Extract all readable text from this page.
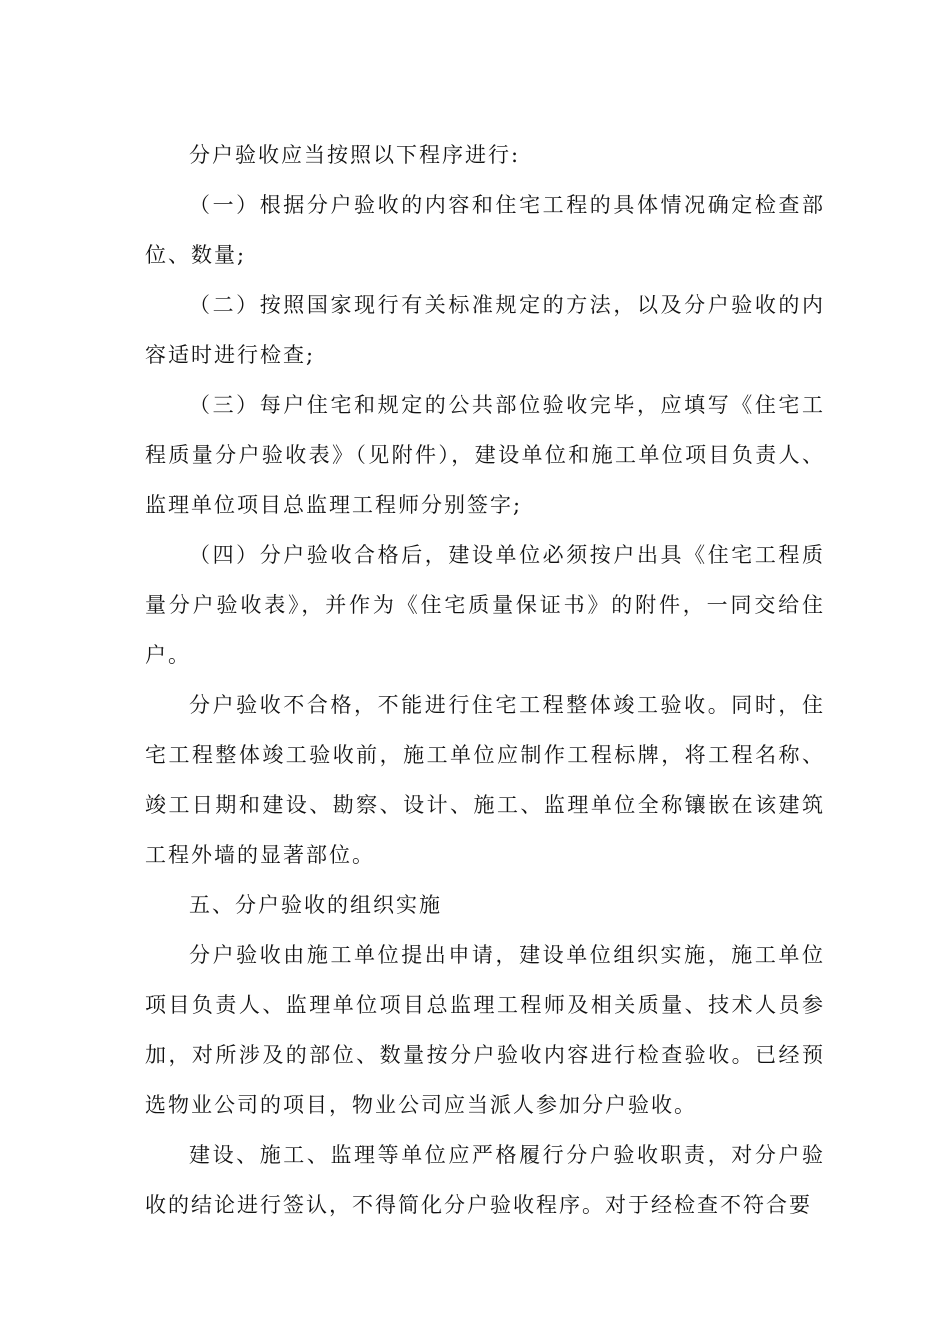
分户验收应当按照以下程序进行:

（一）根据分户验收的内容和住宅工程的具体情况确定检查部位、数量;

（二）按照国家现行有关标准规定的方法，以及分户验收的内容适时进行检查;

（三）每户住宅和规定的公共部位验收完毕，应填写《住宅工程质量分户验收表》（见附件），建设单位和施工单位项目负责人、监理单位项目总监理工程师分别签字;

（四）分户验收合格后，建设单位必须按户出具《住宅工程质量分户验收表》，并作为《住宅质量保证书》的附件，一同交给住户。

分户验收不合格，不能进行住宅工程整体竣工验收。同时，住宅工程整体竣工验收前，施工单位应制作工程标牌，将工程名称、竣工日期和建设、勘察、设计、施工、监理单位全称镶嵌在该建筑工程外墙的显著部位。

五、分户验收的组织实施

分户验收由施工单位提出申请，建设单位组织实施，施工单位项目负责人、监理单位项目总监理工程师及相关质量、技术人员参加，对所涉及的部位、数量按分户验收内容进行检查验收。已经预选物业公司的项目，物业公司应当派人参加分户验收。

建设、施工、监理等单位应严格履行分户验收职责，对分户验收的结论进行签认，不得简化分户验收程序。对于经检查不符合要
